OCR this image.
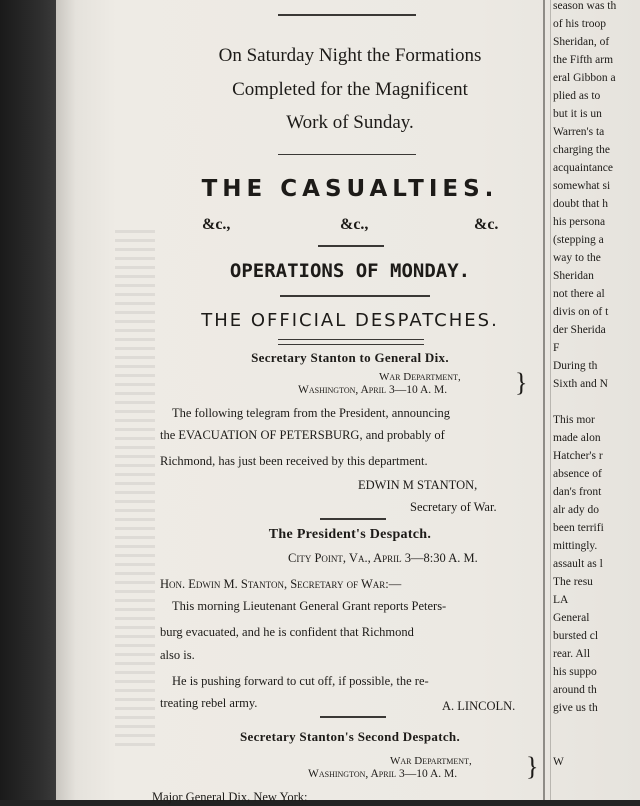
On Saturday Night the Formations
Completed for the Magnificent
Work of Sunday.
THE CASUALTIES.
&c.,	&c.,	&c.
OPERATIONS OF MONDAY.
THE OFFICIAL DESPATCHES.
Secretary Stanton to General Dix.
War Department,
Washington, April 3—10 A. M.	}
The following telegram from the President, announcing
the EVACUATION OF PETERSBURG, and probably of
Richmond, has just been received by this department.
EDWIN M STANTON,
Secretary of War.
The President's Despatch.
City Point, Va., April 3—8:30 A. M.
Hon. Edwin M. Stanton, Secretary of War:—
This morning Lieutenant General Grant reports Peters-
burg evacuated, and he is confident that Richmond
also is.
He is pushing forward to cut off, if possible, the re-
treating rebel army.	A. LINCOLN.
Secretary Stanton's Second Despatch.
War Department,
Washington, April 3—10 A. M.	}
Major General Dix, New York:
season was th
of his troop
Sheridan, of
the Fifth arm
eral Gibbon a
plied as to
but it is un
Warren's ta
charging the
acquaintance
somewhat si
doubt that h
his persona
(stepping a
way to the
Sheridan
not there al
divis on of t
der Sherida
F
During th
Sixth and N
This mor
made alon
Hatcher's r
absence of
dan's front
alr ady do
been terrifi
mittingly.
assault as l
The resu
LA
General
bursted cl
rear. All
his suppo
around th
give us th
W
